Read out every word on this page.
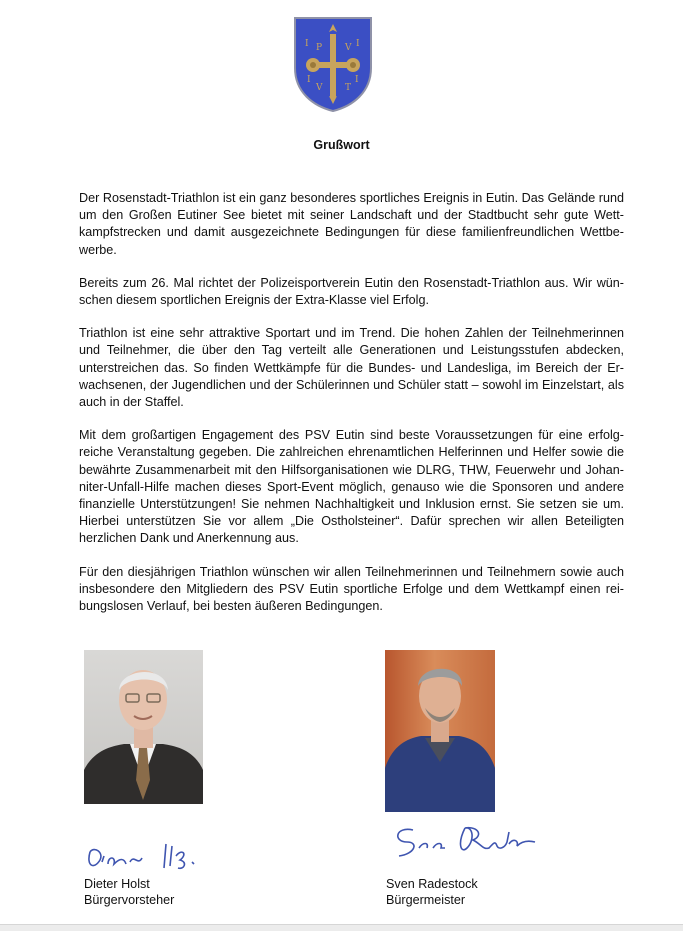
P	V
I	I
V	T
I	I
Grußwort

Der Rosenstadt-Triathlon ist ein ganz besonderes sportliches Ereignis in Eutin. Das Gelände rund um den Großen Eutiner See bietet mit seiner Landschaft und der Stadtbucht sehr gute Wett-kampfstrecken und damit ausgezeichnete Bedingungen für diese familienfreundlichen Wettbe-werbe.

Bereits zum 26. Mal richtet der Polizeisportverein Eutin den Rosenstadt-Triathlon aus. Wir wün-schen diesem sportlichen Ereignis der Extra-Klasse viel Erfolg.

Triathlon ist eine sehr attraktive Sportart und im Trend. Die hohen Zahlen der Teilnehmerinnen und Teilnehmer, die über den Tag verteilt alle Generationen und Leistungsstufen abdecken, unterstreichen das. So finden Wettkämpfe für die Bundes- und Landesliga, im Bereich der Er-wachsenen, der Jugendlichen und der Schülerinnen und Schüler statt – sowohl im Einzelstart, als auch in der Staffel.

Mit dem großartigen Engagement des PSV Eutin sind beste Voraussetzungen für eine erfolg-reiche Veranstaltung gegeben. Die zahlreichen ehrenamtlichen Helferinnen und Helfer sowie die bewährte Zusammenarbeit mit den Hilfsorganisationen wie DLRG, THW, Feuerwehr und Johan-niter-Unfall-Hilfe machen dieses Sport-Event möglich, genauso wie die Sponsoren und andere finanzielle Unterstützungen! Sie nehmen Nachhaltigkeit und Inklusion ernst. Sie setzen sie um. Hierbei unterstützen Sie vor allem „Die Ostholsteiner“. Dafür sprechen wir allen Beteiligten herzlichen Dank und Anerkennung aus.

Für den diesjährigen Triathlon wünschen wir allen Teilnehmerinnen und Teilnehmern sowie auch insbesondere den Mitgliedern des PSV Eutin sportliche Erfolge und dem Wettkampf einen rei-bungslosen Verlauf, bei besten äußeren Bedingungen.

Dieter Holst
Bürgervorsteher
Sven Radestock
Bürgermeister
